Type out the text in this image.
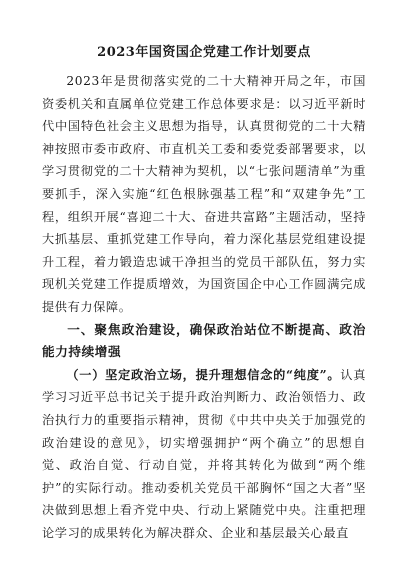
2023年国资国企党建工作计划要点

2023年是贯彻落实党的二十大精神开局之年，市国资委机关和直属单位党建工作总体要求是：以习近平新时代中国特色社会主义思想为指导，认真贯彻党的二十大精神按照市委市政府、市直机关工委和委党委部署要求，以学习贯彻党的二十大精神为契机，以“七张问题清单”为重要抓手，深入实施“红色根脉强基工程”和“双建争先”工程，组织开展“喜迎二十大、奋进共富路”主题活动，坚持大抓基层、重抓党建工作导向，着力深化基层党组建设提升工程，着力锻造忠诚干净担当的党员干部队伍，努力实现机关党建工作提质增效，为国资国企中心工作圆满完成提供有力保障。

一、聚焦政治建设，确保政治站位不断提高、政治能力持续增强

（一）坚定政治立场，提升理想信念的“纯度”。认真学习习近平总书记关于提升政治判断力、政治领悟力、政治执行力的重要指示精神，贯彻《中共中央关于加强党的政治建设的意见》，切实增强拥护“两个确立”的思想自觉、政治自觉、行动自觉，并将其转化为做到“两个维护”的实际行动。推动委机关党员干部胸怀“国之大者”坚决做到思想上看齐党中央、行动上紧随党中央。注重把理论学习的成果转化为解决群众、企业和基层最关心最直
